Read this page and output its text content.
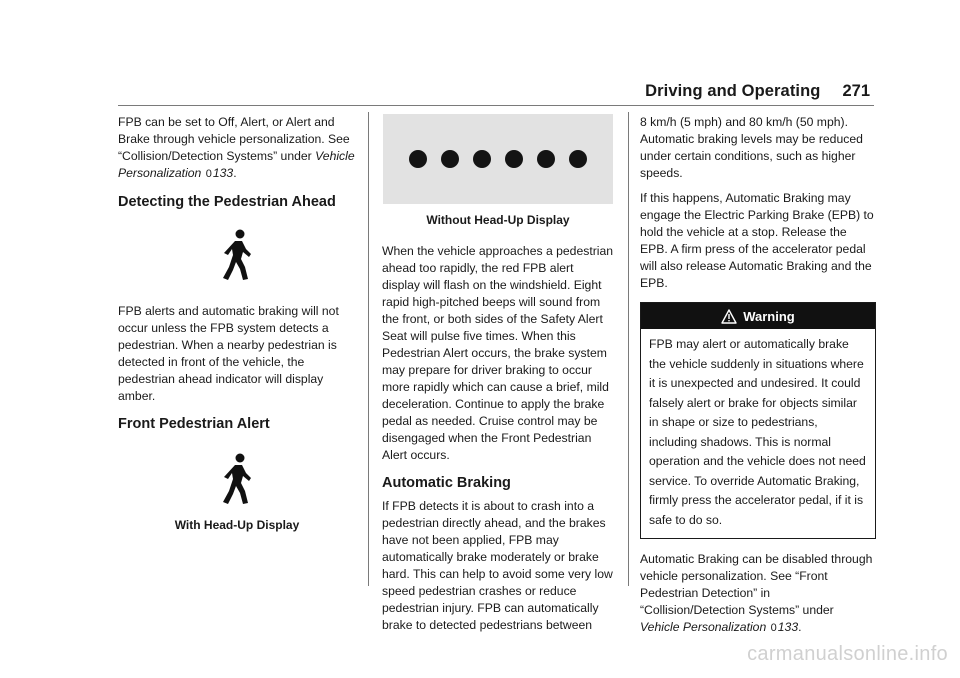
Driving and Operating 271

FPB can be set to Off, Alert, or Alert and Brake through vehicle personalization. See “Collision/Detection Systems” under Vehicle Personalization 0133.

Detecting the Pedestrian Ahead

FPB alerts and automatic braking will not occur unless the FPB system detects a pedestrian. When a nearby pedestrian is detected in front of the vehicle, the pedestrian ahead indicator will display amber.

Front Pedestrian Alert

With Head-Up Display

Without Head-Up Display

When the vehicle approaches a pedestrian ahead too rapidly, the red FPB alert display will flash on the windshield. Eight rapid high-pitched beeps will sound from the front, or both sides of the Safety Alert Seat will pulse five times. When this Pedestrian Alert occurs, the brake system may prepare for driver braking to occur more rapidly which can cause a brief, mild deceleration. Continue to apply the brake pedal as needed. Cruise control may be disengaged when the Front Pedestrian Alert occurs.

Automatic Braking

If FPB detects it is about to crash into a pedestrian directly ahead, and the brakes have not been applied, FPB may automatically brake moderately or brake hard. This can help to avoid some very low speed pedestrian crashes or reduce pedestrian injury. FPB can automatically brake to detected pedestrians between

8 km/h (5 mph) and 80 km/h (50 mph). Automatic braking levels may be reduced under certain conditions, such as higher speeds.

If this happens, Automatic Braking may engage the Electric Parking Brake (EPB) to hold the vehicle at a stop. Release the EPB. A firm press of the accelerator pedal will also release Automatic Braking and the EPB.

Warning
FPB may alert or automatically brake the vehicle suddenly in situations where it is unexpected and undesired. It could falsely alert or brake for objects similar in shape or size to pedestrians, including shadows. This is normal operation and the vehicle does not need service. To override Automatic Braking, firmly press the accelerator pedal, if it is safe to do so.

Automatic Braking can be disabled through vehicle personalization. See “Front Pedestrian Detection” in “Collision/Detection Systems” under Vehicle Personalization 0133.

carmanualsonline.info
